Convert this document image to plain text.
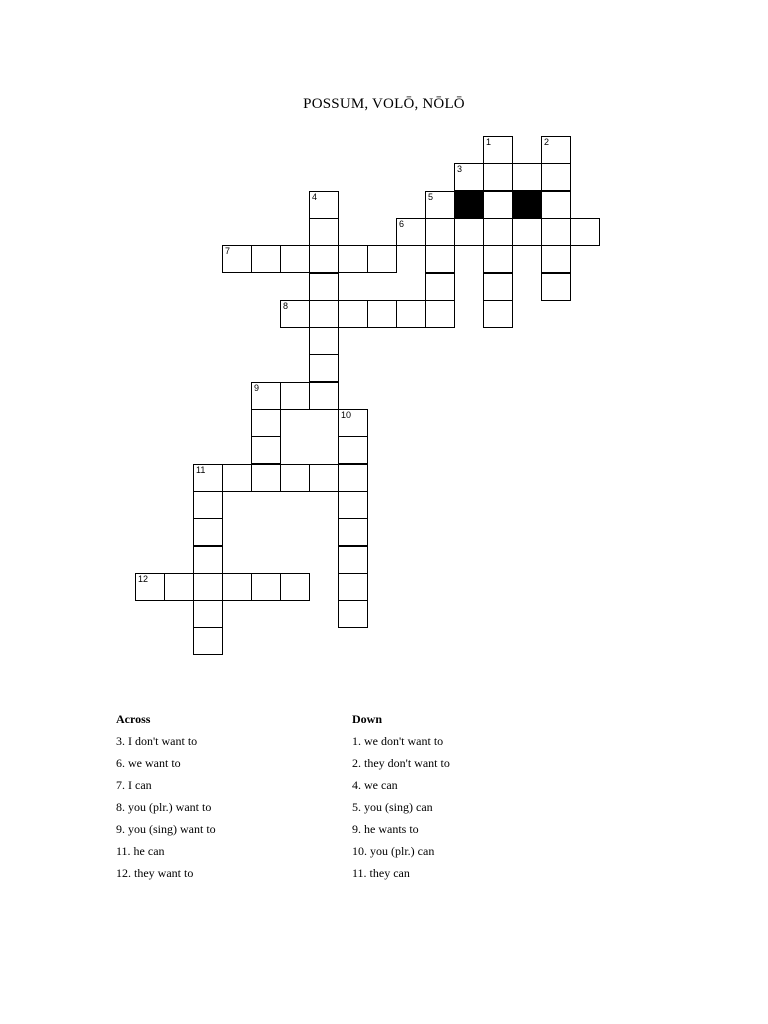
POSSUM, VOLŌ, NŌLŌ
1	2
3
4	5
6
7
8
9
10
11
12
Across
3. I don't want to
6. we want to
7. I can
8. you (plr.) want to
9. you (sing) want to
11. he can
12. they want to
Down
1. we don't want to
2. they don't want to
4. we can
5. you (sing) can
9. he wants to
10. you (plr.) can
11. they can
